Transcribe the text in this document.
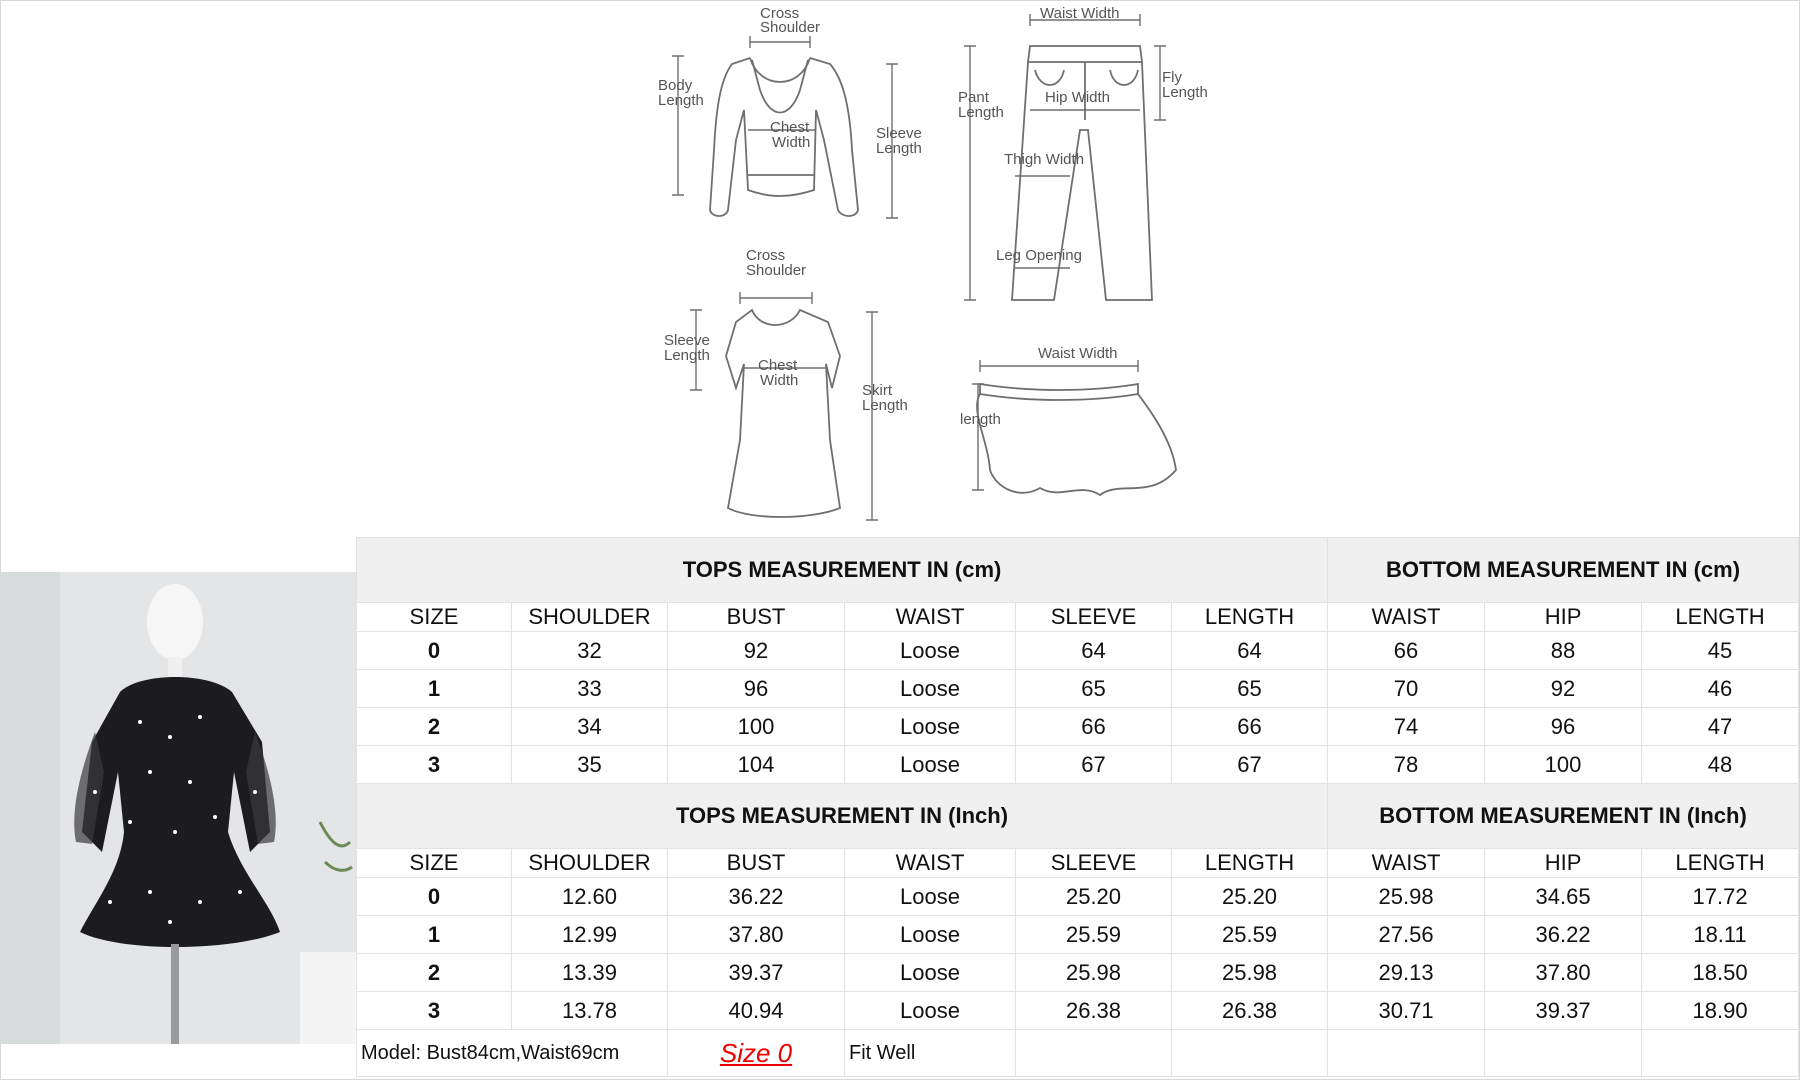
Cross
Shoulder
Body
Length
Chest
Width
Sleeve
Length
Waist Width
Pant
Length
Fly
Length
Hip Width
Thigh Width
Leg Opening
Cross
Shoulder
Sleeve
Length
Chest
Width
Skirt
Length
Waist Width
length
TOPS MEASUREMENT IN (cm)						BOTTOM MEASUREMENT IN (cm)		
SIZE	SHOULDER	BUST	WAIST	SLEEVE	LENGTH	WAIST	HIP	LENGTH
0	32	92	Loose	64	64	66	88	45
1	33	96	Loose	65	65	70	92	46
2	34	100	Loose	66	66	74	96	47
3	35	104	Loose	67	67	78	100	48
TOPS MEASUREMENT IN (Inch)						BOTTOM MEASUREMENT IN (Inch)		
SIZE	SHOULDER	BUST	WAIST	SLEEVE	LENGTH	WAIST	HIP	LENGTH
0	12.60	36.22	Loose	25.20	25.20	25.98	34.65	17.72
1	12.99	37.80	Loose	25.59	25.59	27.56	36.22	18.11
2	13.39	39.37	Loose	25.98	25.98	29.13	37.80	18.50
3	13.78	40.94	Loose	26.38	26.38	30.71	39.37	18.90
Model: Bust84cm,Waist69cm		Size 0	Fit Well					
